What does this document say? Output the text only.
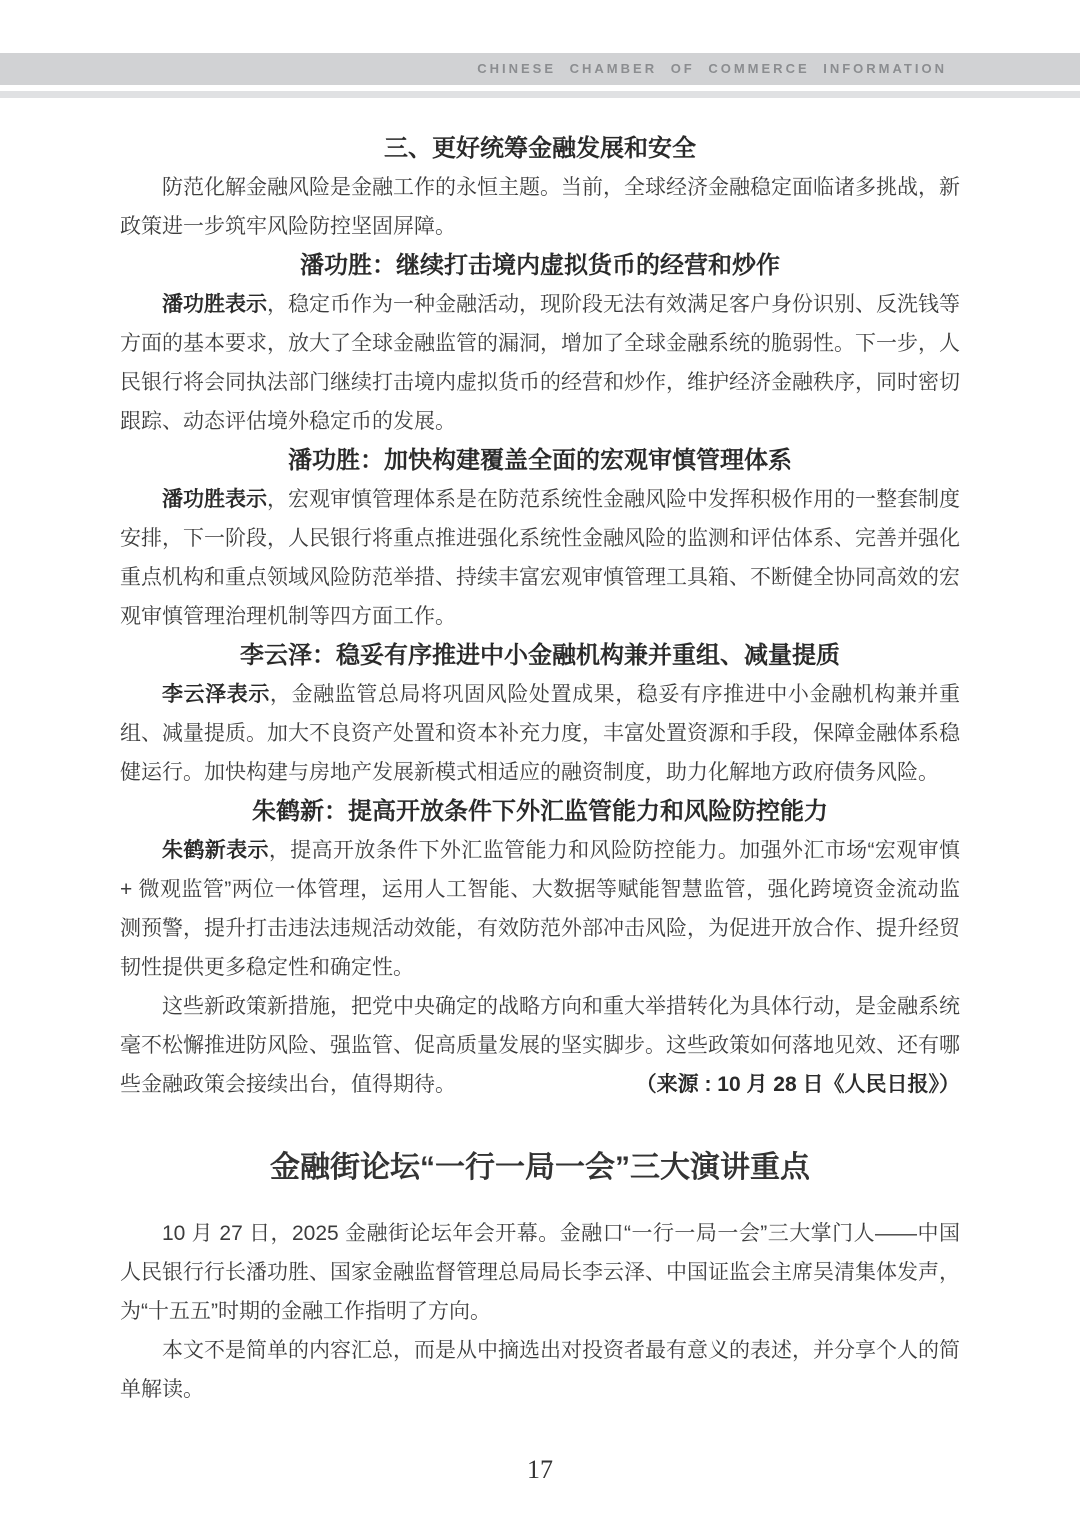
CHINESE CHAMBER OF COMMERCE INFORMATION
三、更好统筹金融发展和安全

防范化解金融风险是金融工作的永恒主题。当前，全球经济金融稳定面临诸多挑战，新政策进一步筑牢风险防控坚固屏障。

潘功胜：继续打击境内虚拟货币的经营和炒作

潘功胜表示，稳定币作为一种金融活动，现阶段无法有效满足客户身份识别、反洗钱等方面的基本要求，放大了全球金融监管的漏洞，增加了全球金融系统的脆弱性。下一步，人民银行将会同执法部门继续打击境内虚拟货币的经营和炒作，维护经济金融秩序，同时密切跟踪、动态评估境外稳定币的发展。

潘功胜：加快构建覆盖全面的宏观审慎管理体系

潘功胜表示，宏观审慎管理体系是在防范系统性金融风险中发挥积极作用的一整套制度安排，下一阶段，人民银行将重点推进强化系统性金融风险的监测和评估体系、完善并强化重点机构和重点领域风险防范举措、持续丰富宏观审慎管理工具箱、不断健全协同高效的宏观审慎管理治理机制等四方面工作。

李云泽：稳妥有序推进中小金融机构兼并重组、减量提质

李云泽表示，金融监管总局将巩固风险处置成果，稳妥有序推进中小金融机构兼并重组、减量提质。加大不良资产处置和资本补充力度，丰富处置资源和手段，保障金融体系稳健运行。加快构建与房地产发展新模式相适应的融资制度，助力化解地方政府债务风险。

朱鹤新：提高开放条件下外汇监管能力和风险防控能力

朱鹤新表示，提高开放条件下外汇监管能力和风险防控能力。加强外汇市场“宏观审慎 + 微观监管”两位一体管理，运用人工智能、大数据等赋能智慧监管，强化跨境资金流动监测预警，提升打击违法违规活动效能，有效防范外部冲击风险，为促进开放合作、提升经贸韧性提供更多稳定性和确定性。

这些新政策新措施，把党中央确定的战略方向和重大举措转化为具体行动，是金融系统毫不松懈推进防风险、强监管、促高质量发展的坚实脚步。这些政策如何落地见效、还有哪些金融政策会接续出台，值得期待。	（来源 : 10 月 28 日《人民日报》）

金融街论坛“一行一局一会”三大演讲重点

10 月 27 日，2025 金融街论坛年会开幕。金融口“一行一局一会”三大掌门人——中国人民银行行长潘功胜、国家金融监督管理总局局长李云泽、中国证监会主席吴清集体发声，为“十五五”时期的金融工作指明了方向。

本文不是简单的内容汇总，而是从中摘选出对投资者最有意义的表述，并分享个人的简单解读。

17
